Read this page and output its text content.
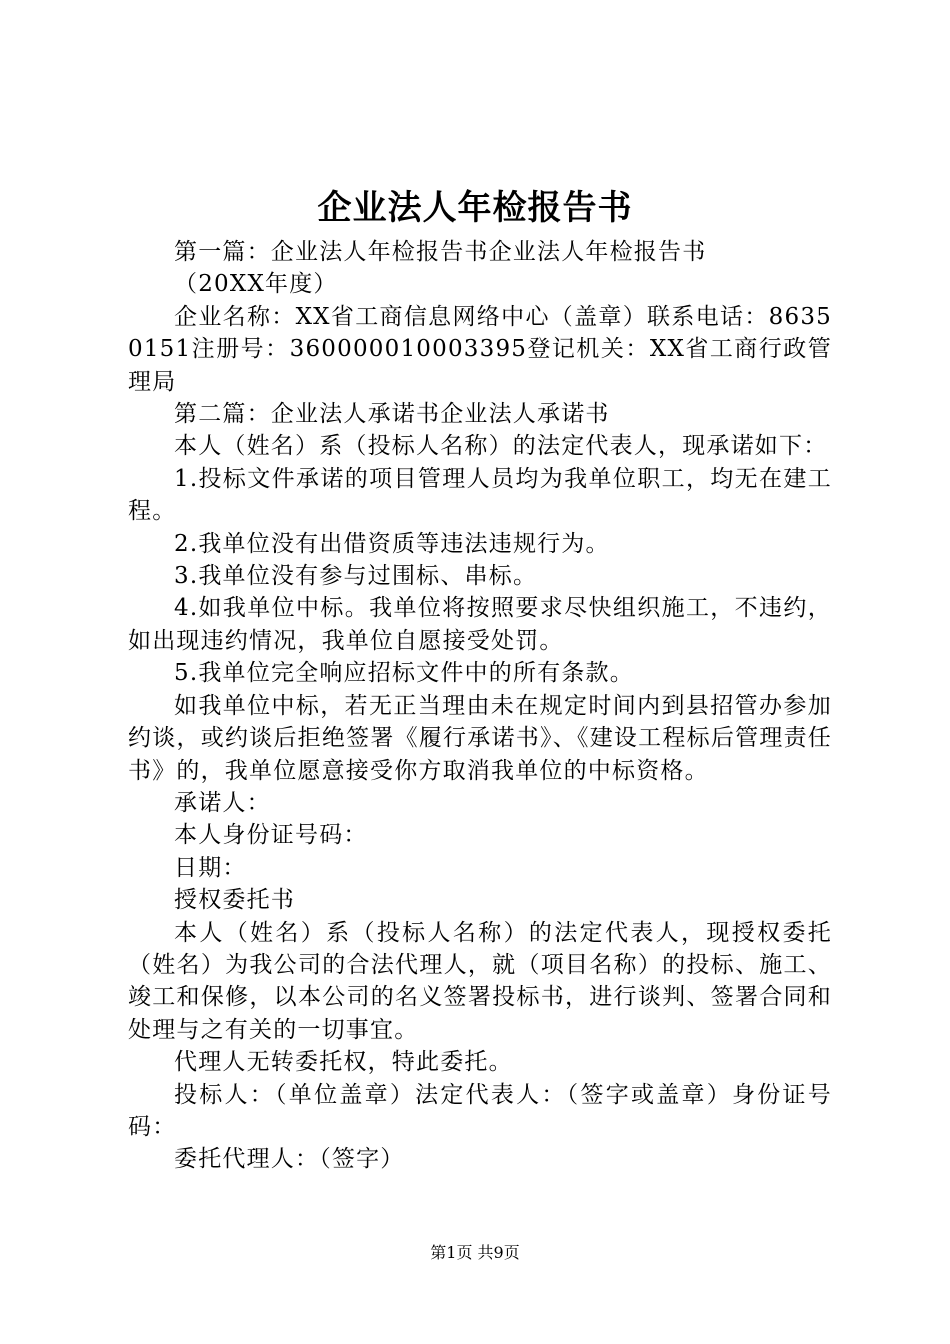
企业法人年检报告书

第一篇：企业法人年检报告书企业法人年检报告书

（20XX年度）

企业名称：XX省工商信息网络中心（盖章）联系电话：86350151注册号：360000010003395登记机关：XX省工商行政管理局

第二篇：企业法人承诺书企业法人承诺书

本人（姓名）系（投标人名称）的法定代表人，现承诺如下：

1.投标文件承诺的项目管理人员均为我单位职工，均无在建工程。

2.我单位没有出借资质等违法违规行为。

3.我单位没有参与过围标、串标。

4.如我单位中标。我单位将按照要求尽快组织施工，不违约，如出现违约情况，我单位自愿接受处罚。

5.我单位完全响应招标文件中的所有条款。

如我单位中标，若无正当理由未在规定时间内到县招管办参加约谈，或约谈后拒绝签署《履行承诺书》、《建设工程标后管理责任书》的，我单位愿意接受你方取消我单位的中标资格。

承诺人：

本人身份证号码：

日期：

授权委托书

本人（姓名）系（投标人名称）的法定代表人，现授权委托（姓名）为我公司的合法代理人，就（项目名称）的投标、施工、竣工和保修，以本公司的名义签署投标书，进行谈判、签署合同和处理与之有关的一切事宜。

代理人无转委托权，特此委托。

投标人：（单位盖章）法定代表人：（签字或盖章）身份证号码：

委托代理人：（签字）

第1页 共9页
